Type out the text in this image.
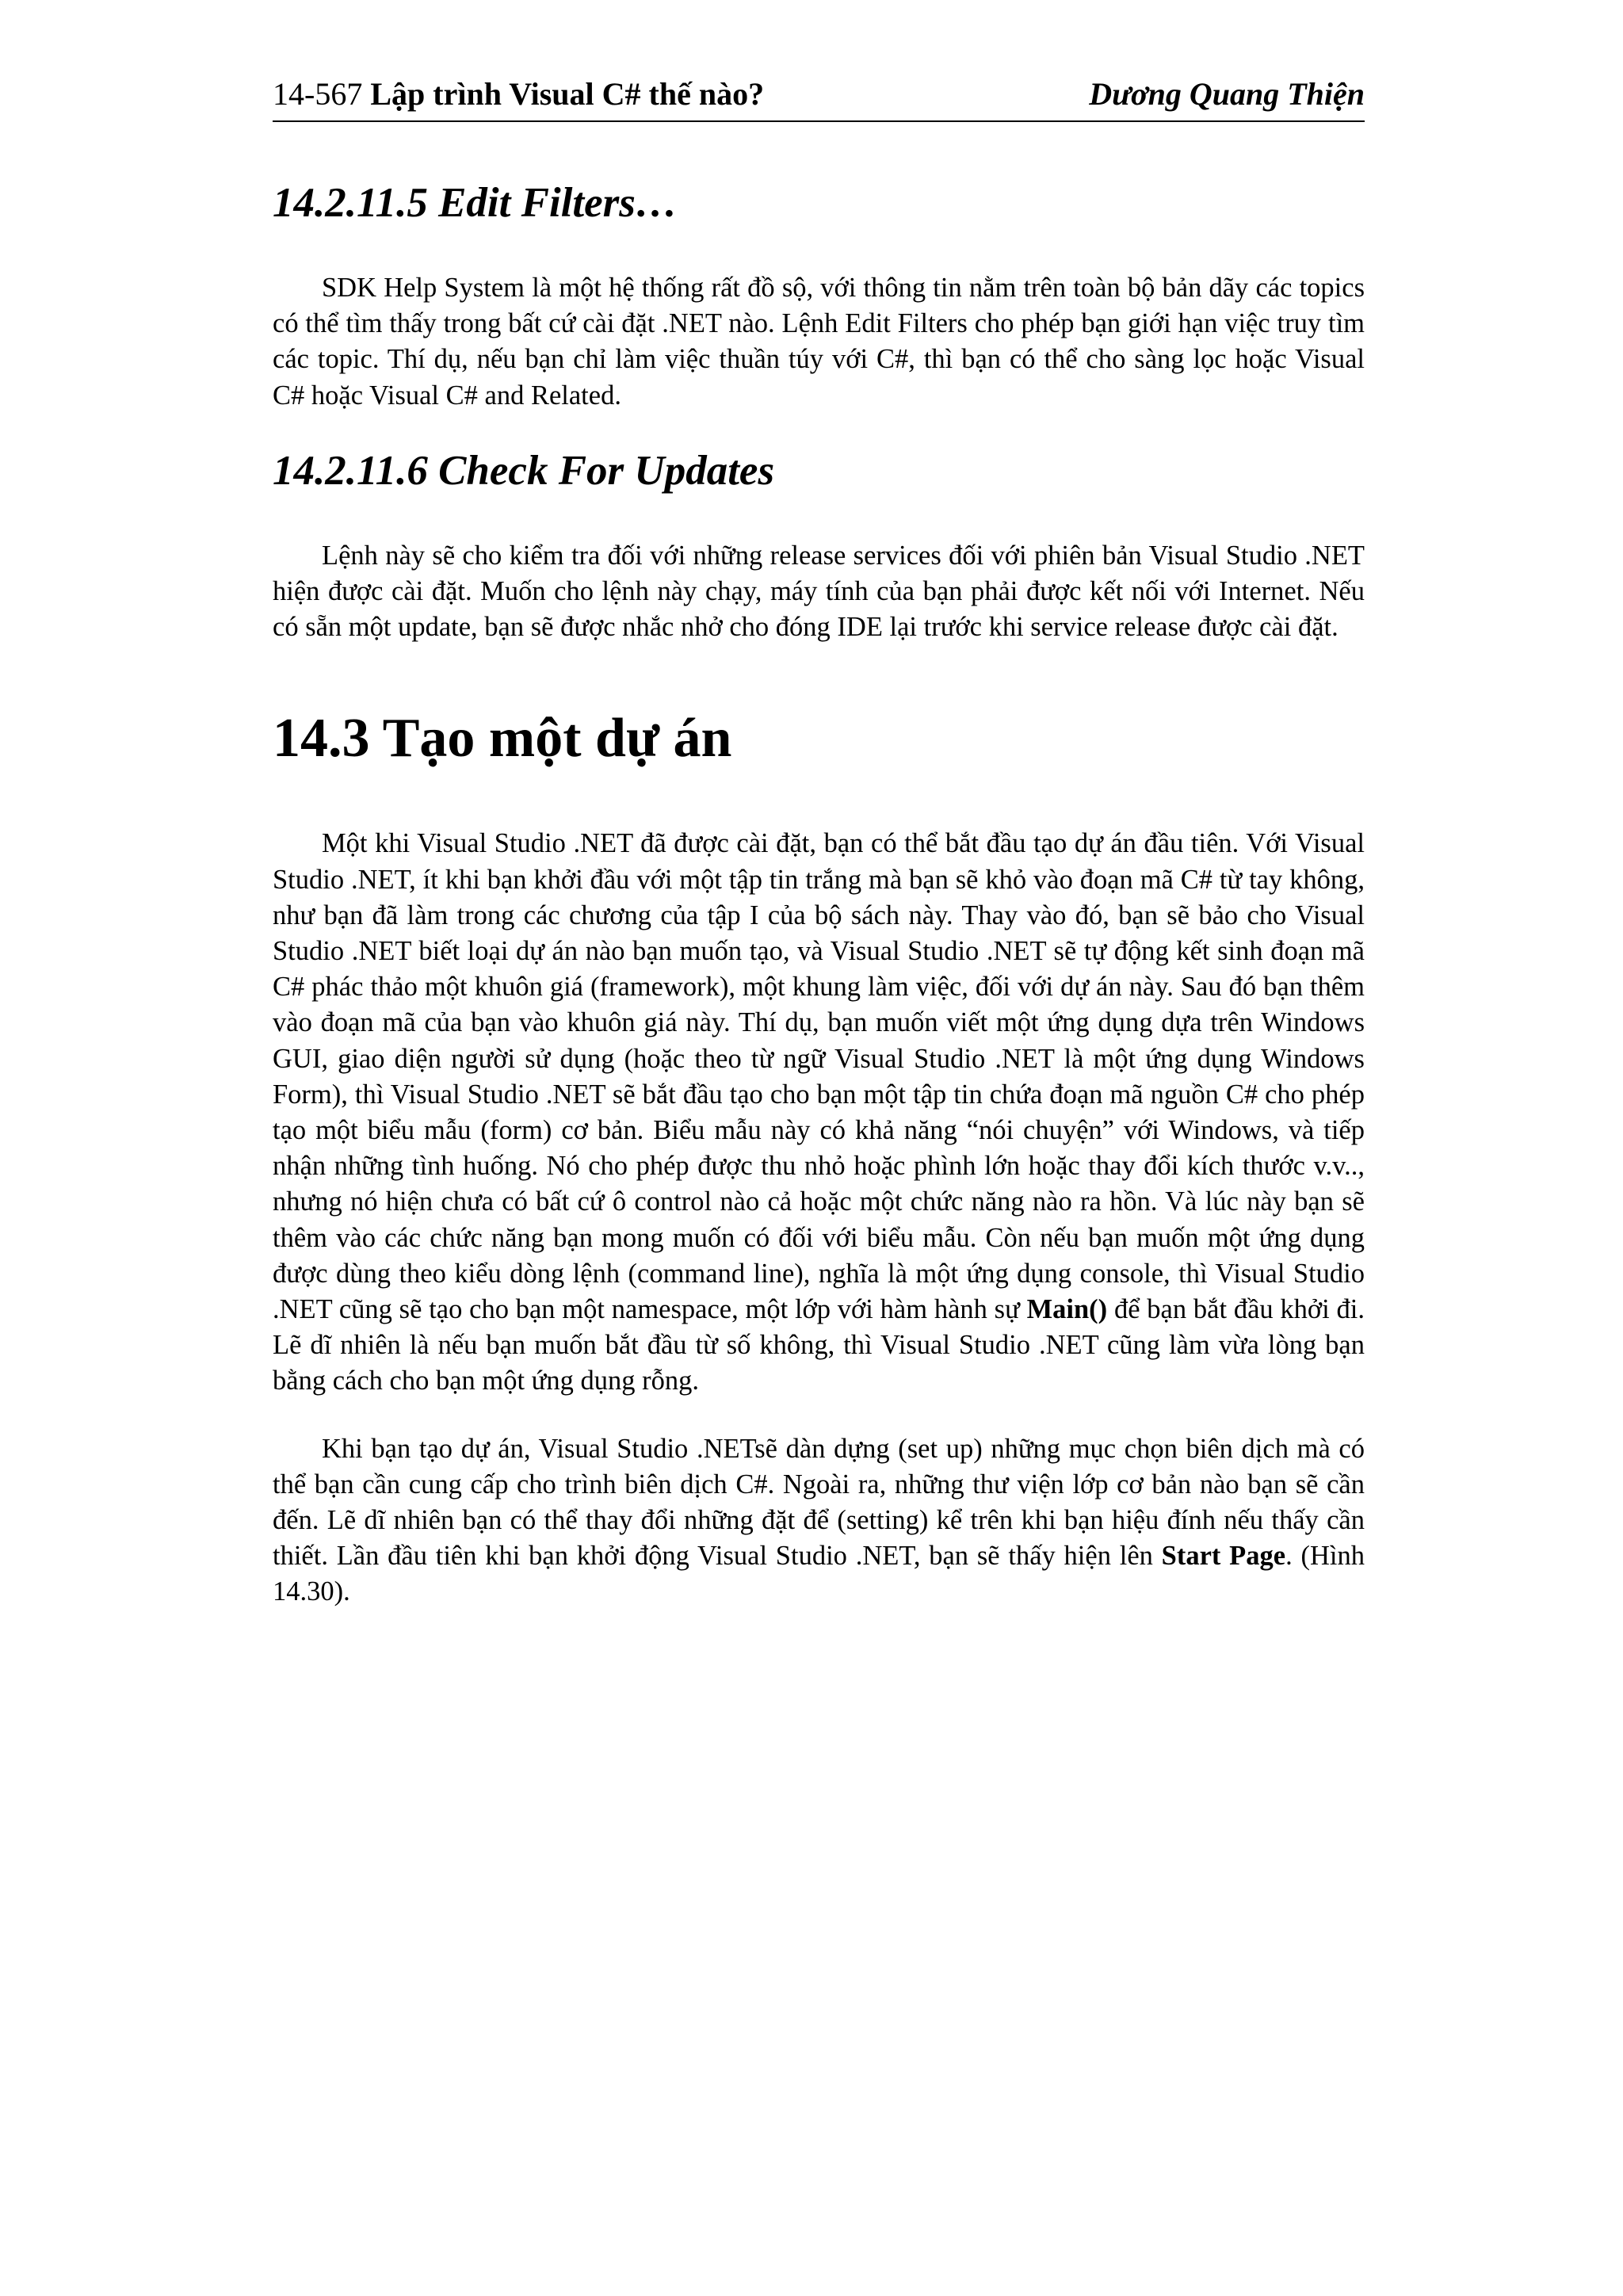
14-567 Lập trình Visual C# thế nào?	Dương Quang Thiện
14.2.11.5 Edit Filters…

SDK Help System là một hệ thống rất đồ sộ, với thông tin nằm trên toàn bộ bản dãy các topics có thể tìm thấy trong bất cứ cài đặt .NET nào. Lệnh Edit Filters cho phép bạn giới hạn việc truy tìm các topic. Thí dụ, nếu bạn chỉ làm việc thuần túy với C#, thì bạn có thể cho sàng lọc hoặc Visual C# hoặc Visual C# and Related.

14.2.11.6 Check For Updates

Lệnh này sẽ cho kiểm tra đối với những release services đối với phiên bản Visual Studio .NET hiện được cài đặt. Muốn cho lệnh này chạy, máy tính của bạn phải được kết nối với Internet. Nếu có sẵn một update, bạn sẽ được nhắc nhở cho đóng IDE lại trước khi service release được cài đặt.

14.3 Tạo một dự án

Một khi Visual Studio .NET đã được cài đặt, bạn có thể bắt đầu tạo dự án đầu tiên. Với Visual Studio .NET, ít khi bạn khởi đầu với một tập tin trắng mà bạn sẽ khỏ vào đoạn mã C# từ tay không, như bạn đã làm trong các chương của tập I của bộ sách này. Thay vào đó, bạn sẽ bảo cho Visual Studio .NET biết loại dự án nào bạn muốn tạo, và Visual Studio .NET sẽ tự động kết sinh đoạn mã C# phác thảo một khuôn giá (framework), một khung làm việc, đối với dự án này. Sau đó bạn thêm vào đoạn mã của bạn vào khuôn giá này. Thí dụ, bạn muốn viết một ứng dụng dựa trên Windows GUI, giao diện người sử dụng (hoặc theo từ ngữ Visual Studio .NET là một ứng dụng Windows Form), thì Visual Studio .NET sẽ bắt đầu tạo cho bạn một tập tin chứa đoạn mã nguồn C# cho phép tạo một biểu mẫu (form) cơ bản. Biểu mẫu này có khả năng “nói chuyện” với Windows, và tiếp nhận những tình huống. Nó cho phép được thu nhỏ hoặc phình lớn hoặc thay đổi kích thước v.v.., nhưng nó hiện chưa có bất cứ ô control nào cả hoặc một chức năng nào ra hồn. Và lúc này bạn sẽ thêm vào các chức năng bạn mong muốn có đối với biểu mẫu. Còn nếu bạn muốn một ứng dụng được dùng theo kiểu dòng lệnh (command line), nghĩa là một ứng dụng console, thì Visual Studio .NET cũng sẽ tạo cho bạn một namespace, một lớp với hàm hành sự Main() để bạn bắt đầu khởi đi. Lẽ dĩ nhiên là nếu bạn muốn bắt đầu từ số không, thì Visual Studio .NET cũng làm vừa lòng bạn bằng cách cho bạn một ứng dụng rỗng.

Khi bạn tạo dự án, Visual Studio .NETsẽ dàn dựng (set up) những mục chọn biên dịch mà có thể bạn cần cung cấp cho trình biên dịch C#. Ngoài ra, những thư viện lớp cơ bản nào bạn sẽ cần đến. Lẽ dĩ nhiên bạn có thể thay đổi những đặt để (setting) kể trên khi bạn hiệu đính nếu thấy cần thiết. Lần đầu tiên khi bạn khởi động Visual Studio .NET, bạn sẽ thấy hiện lên Start Page. (Hình 14.30).
